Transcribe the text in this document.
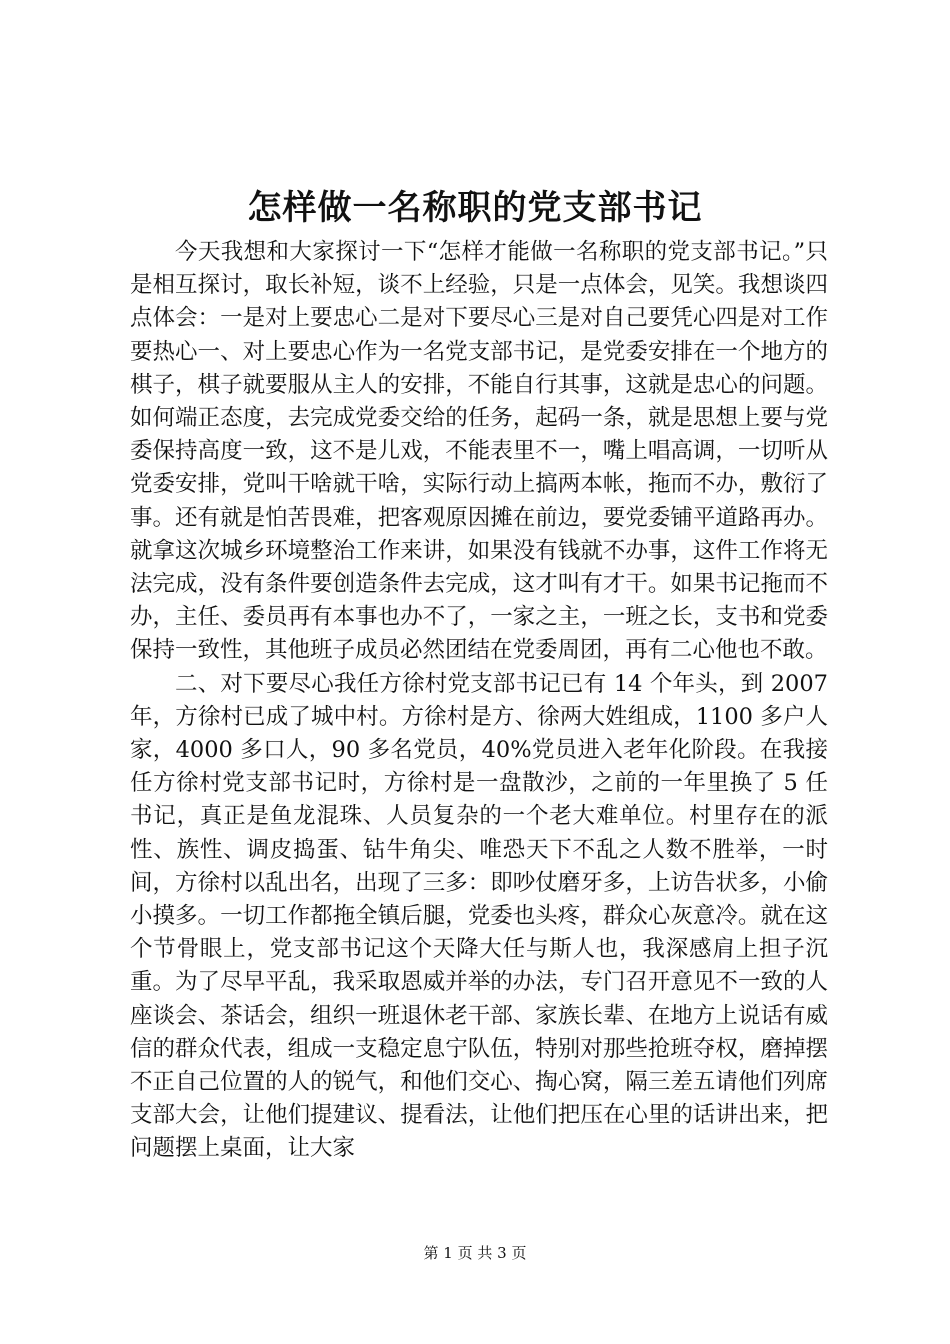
怎样做一名称职的党支部书记

今天我想和大家探讨一下“怎样才能做一名称职的党支部书记。”只是相互探讨，取长补短，谈不上经验，只是一点体会，见笑。我想谈四点体会：一是对上要忠心二是对下要尽心三是对自己要凭心四是对工作要热心一、对上要忠心作为一名党支部书记，是党委安排在一个地方的棋子，棋子就要服从主人的安排，不能自行其事，这就是忠心的问题。如何端正态度，去完成党委交给的任务，起码一条，就是思想上要与党委保持高度一致，这不是儿戏，不能表里不一，嘴上唱高调，一切听从党委安排，党叫干啥就干啥，实际行动上搞两本帐，拖而不办，敷衍了事。还有就是怕苦畏难，把客观原因摊在前边，要党委铺平道路再办。就拿这次城乡环境整治工作来讲，如果没有钱就不办事，这件工作将无法完成，没有条件要创造条件去完成，这才叫有才干。如果书记拖而不办，主任、委员再有本事也办不了，一家之主，一班之长，支书和党委保持一致性，其他班子成员必然团结在党委周团，再有二心他也不敢。

二、对下要尽心我任方徐村党支部书记已有 14 个年头，到 2007 年，方徐村已成了城中村。方徐村是方、徐两大姓组成，1100 多户人家，4000 多口人，90 多名党员，40%党员进入老年化阶段。在我接任方徐村党支部书记时，方徐村是一盘散沙，之前的一年里换了 5 任书记，真正是鱼龙混珠、人员复杂的一个老大难单位。村里存在的派性、族性、调皮捣蛋、钻牛角尖、唯恐天下不乱之人数不胜举，一时间，方徐村以乱出名，出现了三多：即吵仗磨牙多，上访告状多，小偷小摸多。一切工作都拖全镇后腿，党委也头疼，群众心灰意冷。就在这个节骨眼上，党支部书记这个天降大任与斯人也，我深感肩上担子沉重。为了尽早平乱，我采取恩威并举的办法，专门召开意见不一致的人座谈会、茶话会，组织一班退休老干部、家族长辈、在地方上说话有威信的群众代表，组成一支稳定息宁队伍，特别对那些抢班夺权，磨掉摆不正自己位置的人的锐气，和他们交心、掏心窝，隔三差五请他们列席支部大会，让他们提建议、提看法，让他们把压在心里的话讲出来，把问题摆上桌面，让大家

第 1 页 共 3 页
